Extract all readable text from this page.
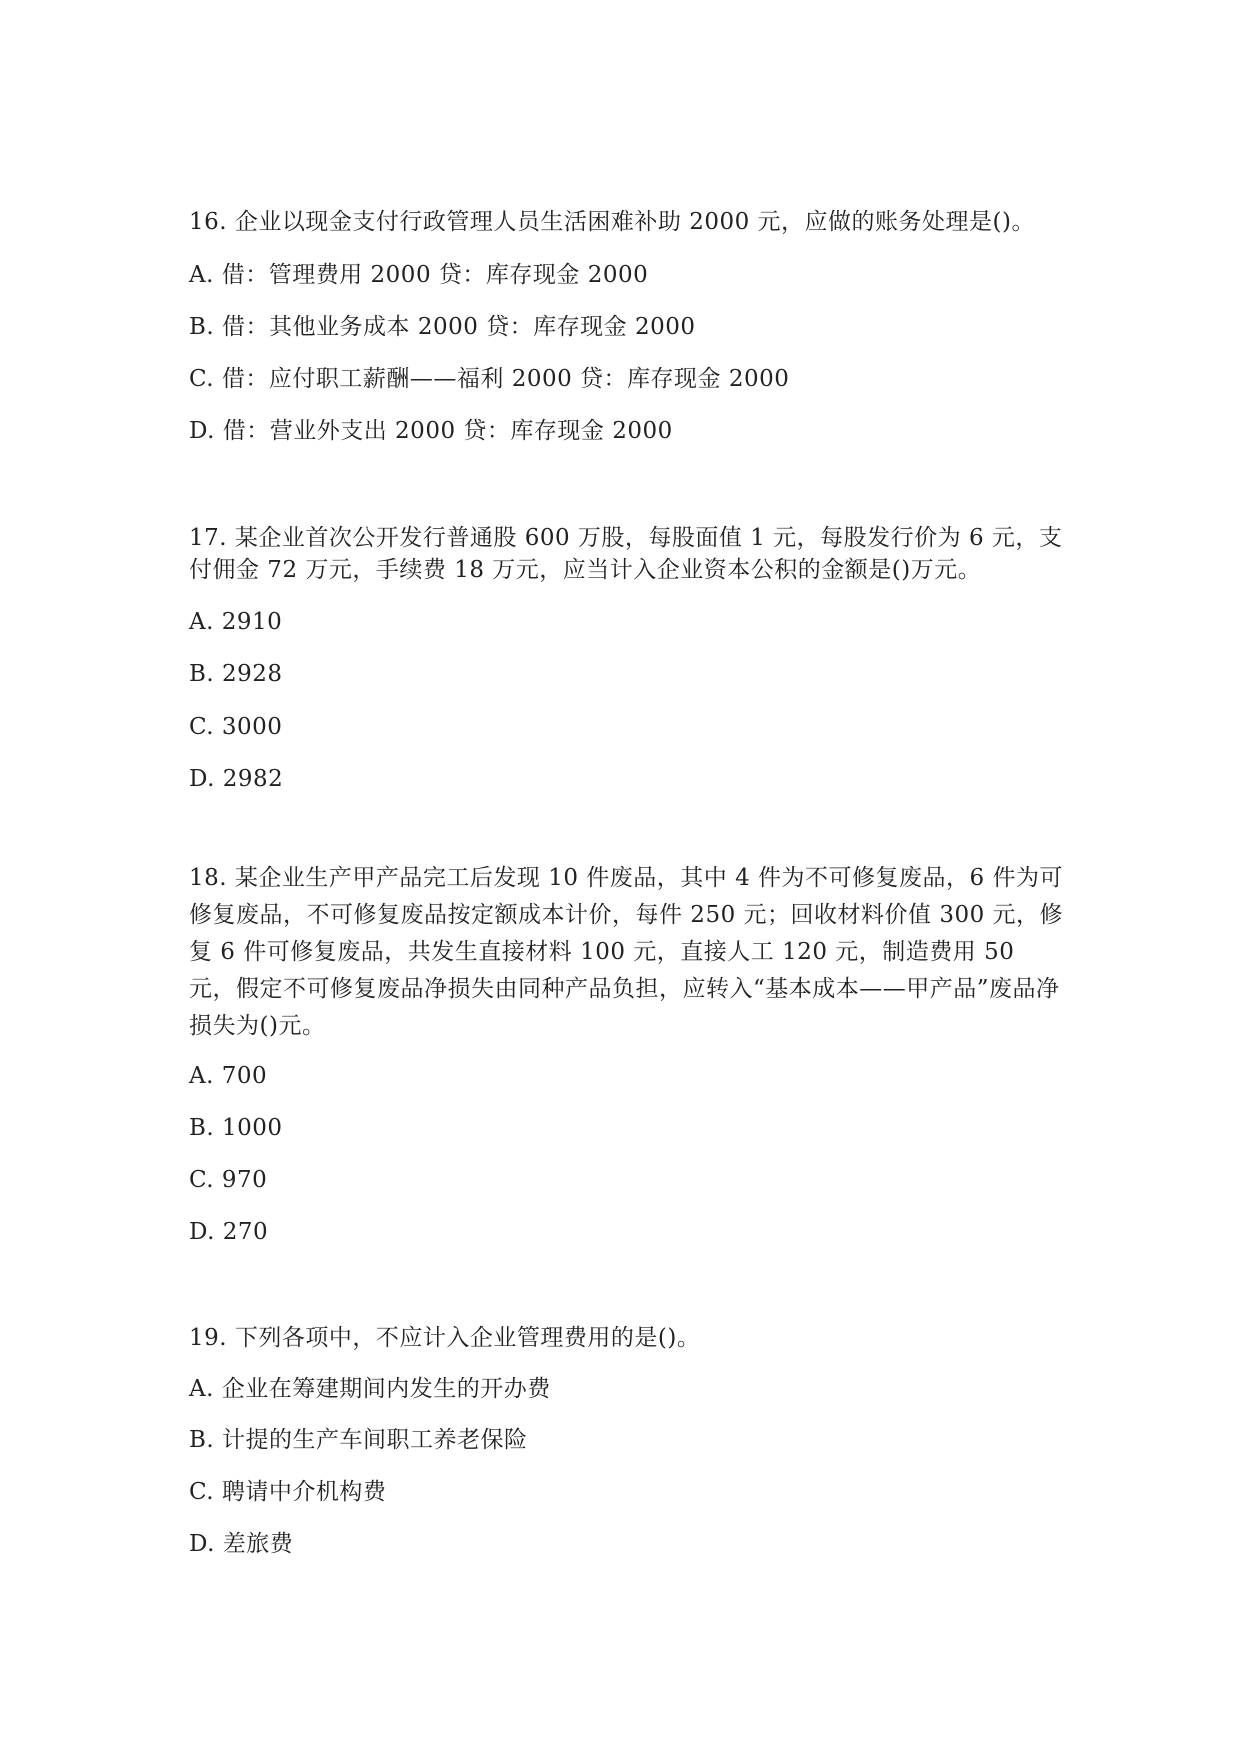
16. 企业以现金支付行政管理人员生活困难补助 2000 元，应做的账务处理是()。
A. 借：管理费用 2000 贷：库存现金 2000
B. 借：其他业务成本 2000 贷：库存现金 2000
C. 借：应付职工薪酬——福利 2000 贷：库存现金 2000
D. 借：营业外支出 2000 贷：库存现金 2000
17. 某企业首次公开发行普通股 600 万股，每股面值 1 元，每股发行价为 6 元，支付佣金 72 万元，手续费 18 万元，应当计入企业资本公积的金额是()万元。
A. 2910
B. 2928
C. 3000
D. 2982
18. 某企业生产甲产品完工后发现 10 件废品，其中 4 件为不可修复废品，6 件为可修复废品，不可修复废品按定额成本计价，每件 250 元；回收材料价值 300 元，修复 6 件可修复废品，共发生直接材料 100 元，直接人工 120 元，制造费用 50 元，假定不可修复废品净损失由同种产品负担，应转入“基本成本——甲产品”废品净损失为()元。
A. 700
B. 1000
C. 970
D. 270
19. 下列各项中，不应计入企业管理费用的是()。
A. 企业在筹建期间内发生的开办费
B. 计提的生产车间职工养老保险
C. 聘请中介机构费
D. 差旅费
